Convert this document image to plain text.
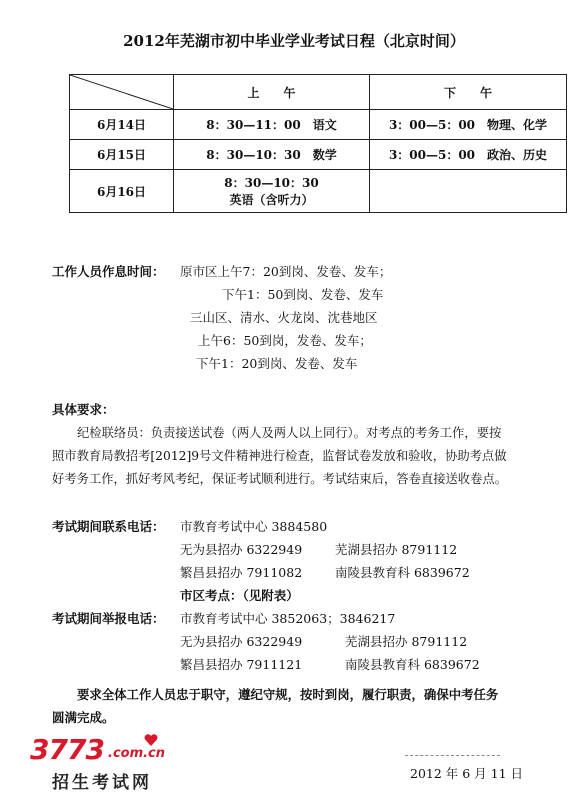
2012年芜湖市初中毕业学业考试日程（北京时间）
	上　　午	下　　午
6月14日	8：30—11：00　语文	3：00—5：00　物理、化学
6月15日	8：30—10：30　数学	3：00—5：00　政治、历史
6月16日	8：30—10：30
英语（含听力）	

工作人员作息时间： 原市区上午7：20到岗、发卷、发车；
下午1：50到岗、发卷、发车
三山区、清水、火龙岗、沈巷地区
上午6：50到岗，发卷、发车；
下午1：20到岗、发卷、发车
具体要求：
纪检联络员：负责接送试卷（两人及两人以上同行）。对考点的考务工作，要按
照市教育局教招考[2012]9号文件精神进行检查，监督试卷发放和验收，协助考点做
好考务工作，抓好考风考纪，保证考试顺利进行。考试结束后，答卷直接送收卷点。
考试期间联系电话： 市教育考试中心 3884580
无为县招办 6322949	芜湖县招办 8791112
繁昌县招办 7911082	南陵县教育科 6839672
市区考点：（见附表）
考试期间举报电话： 市教育考试中心 3852063；3846217
无为县招办 6322949	芜湖县招办 8791112
繁昌县招办 7911121	南陵县教育科 6839672
要求全体工作人员忠于职守，遵纪守规，按时到岗，履行职责，确保中考任务
圆满完成。
2012 年 6 月 11 日
3773 .com.cn
招生考试网
